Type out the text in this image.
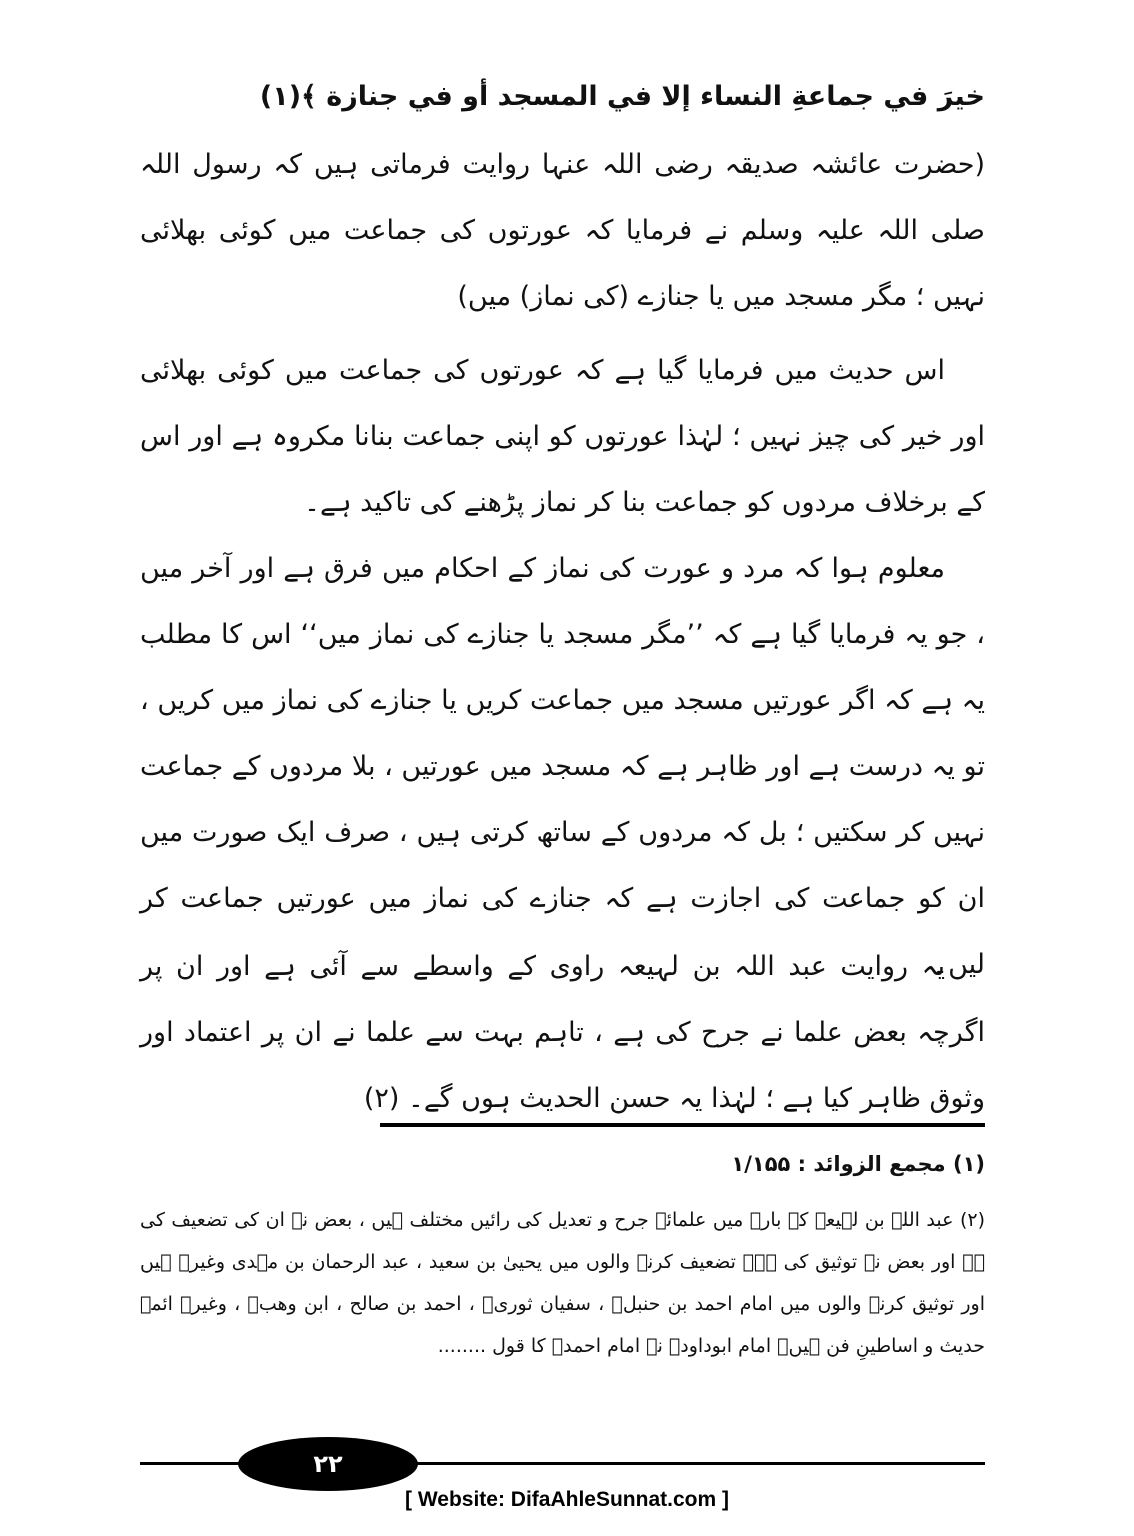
خيرَ في جماعةِ النساء إلا في المسجد أو في جنازة ﴾(۱)
(حضرت عائشہ صدیقہ رضی اللہ عنہا روایت فرماتی ہیں کہ رسول اللہ صلی اللہ علیہ وسلم نے فرمایا کہ عورتوں کی جماعت میں کوئی بھلائی نہیں ؛ مگر مسجد میں یا جنازے (کی نماز) میں)
اس حدیث میں فرمایا گیا ہے کہ عورتوں کی جماعت میں کوئی بھلائی اور خیر کی چیز نہیں ؛ لہٰذا عورتوں کو اپنی جماعت بنانا مکروہ ہے اور اس کے برخلاف مردوں کو جماعت بنا کر نماز پڑھنے کی تاکید ہے۔
معلوم ہوا کہ مرد و عورت کی نماز کے احکام میں فرق ہے اور آخر میں ، جو یہ فرمایا گیا ہے کہ ’’مگر مسجد یا جنازے کی نماز میں‘‘ اس کا مطلب یہ ہے کہ اگر عورتیں مسجد میں جماعت کریں یا جنازے کی نماز میں کریں ، تو یہ درست ہے اور ظاہر ہے کہ مسجد میں عورتیں ، بلا مردوں کے جماعت نہیں کر سکتیں ؛ بل کہ مردوں کے ساتھ کرتی ہیں ، صرف ایک صورت میں ان کو جماعت کی اجازت ہے کہ جنازے کی نماز میں عورتیں جماعت کر لیں۔
یہ روایت عبد اللہ بن لہیعہ راوی کے واسطے سے آئی ہے اور ان پر اگرچہ بعض علما نے جرح کی ہے ، تاہم بہت سے علما نے ان پر اعتماد اور وثوق ظاہر کیا ہے ؛ لہٰذا یہ حسن الحدیث ہوں گے۔ (۲)
(۱) مجمع الزوائد : ۱/۱۵۵
(۲) عبد اللہ بن لہیعہ کے بارے میں علمائے جرح و تعدیل کی رائیں مختلف ہیں ، بعض نے ان کی تضعیف کی ہے اور بعض نے توثیق کی ہے۔ تضعیف کرنے والوں میں یحییٰ بن سعید ، عبد الرحمان بن مہدی وغیرہ ہیں اور توثیق کرنے والوں میں امام احمد بن حنبلؒ ، سفیان ثوریؒ ، احمد بن صالح ، ابن وھبؒ ، وغیرہ ائمۂ حدیث و اساطینِ فن ہیں۔ امام ابوداودؒ نے امام احمدؒ کا قول ........
۲۲
[ Website: DifaAhleSunnat.com ]
